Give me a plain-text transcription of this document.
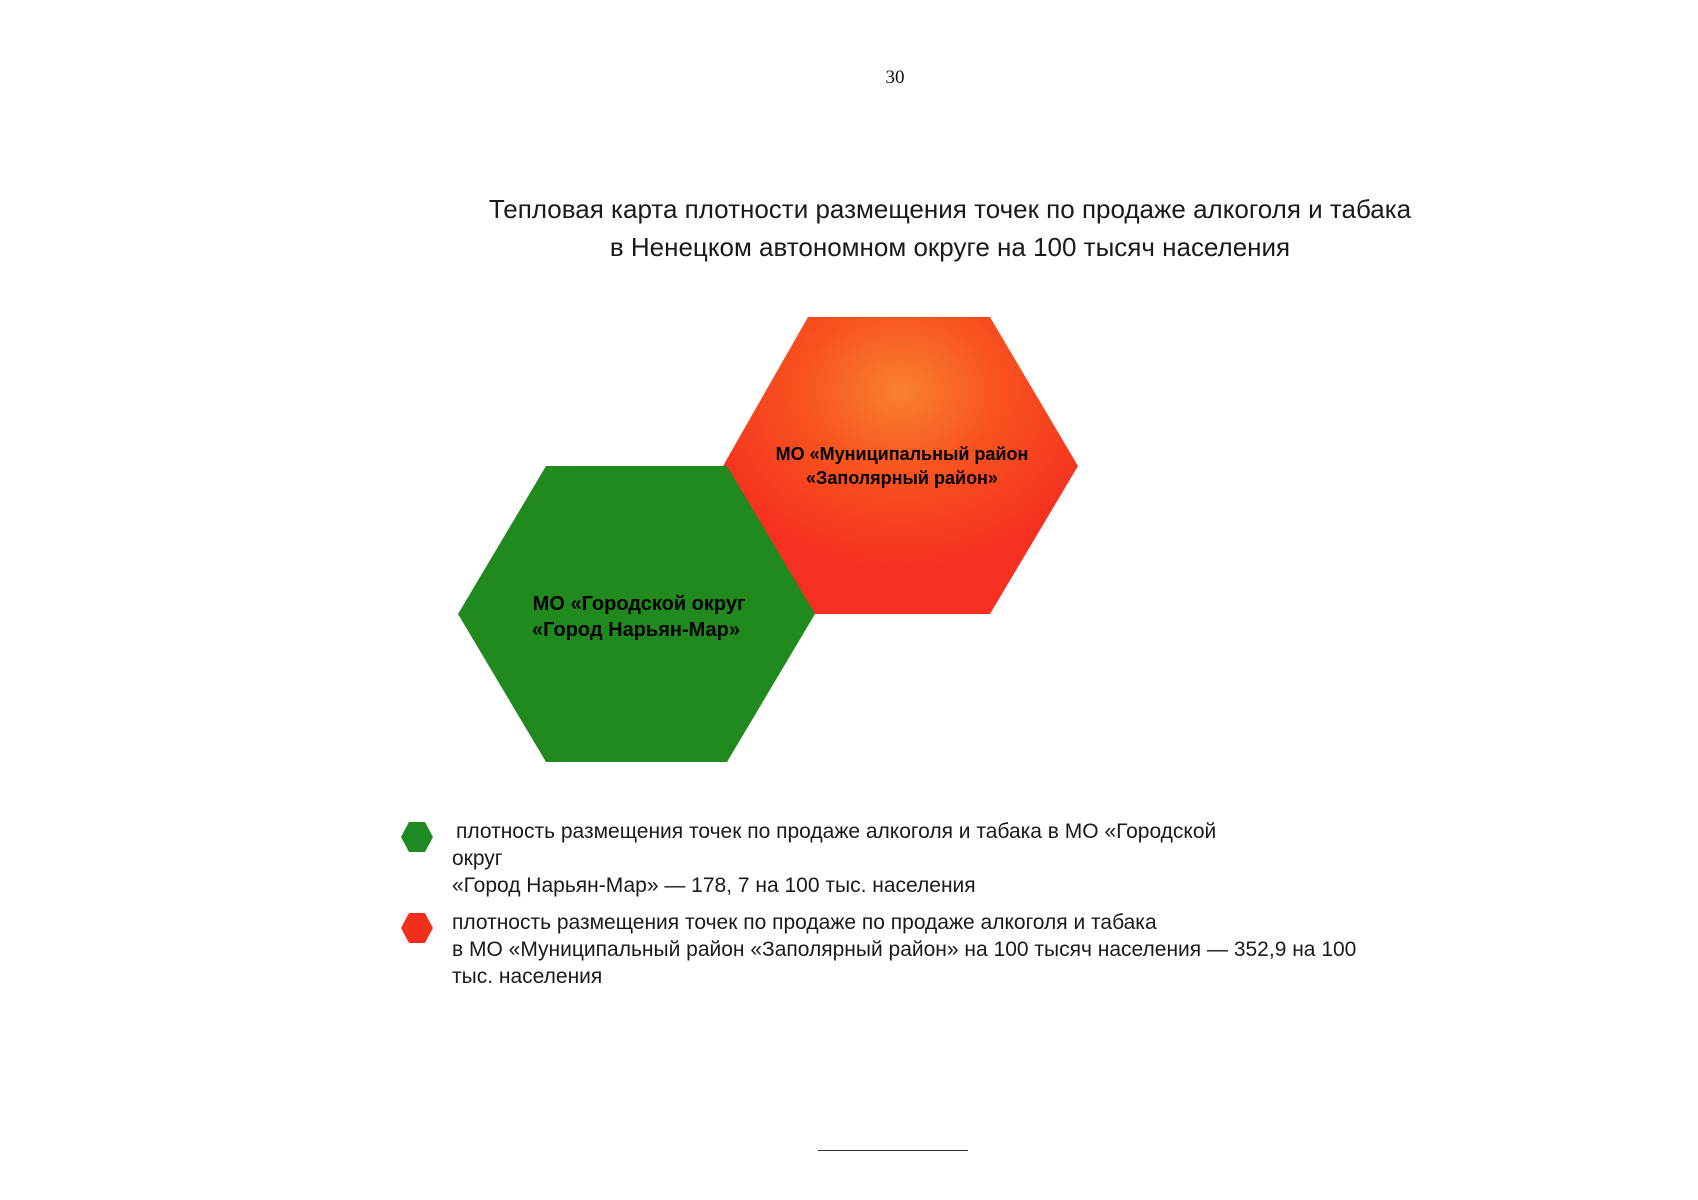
30
Тепловая карта плотности размещения точек по продаже алкоголя и табака
в Ненецком автономном округе на 100 тысяч населения
МО «Муниципальный район
«Заполярный район»
МО «Городской округ
«Город Нарьян-Мар»
плотность размещения точек по продаже алкоголя и табака в МО «Городской
округ
«Город Нарьян-Мар» — 178, 7 на 100 тыс. населения
плотность размещения точек по продаже по продаже алкоголя и табака
в МО «Муниципальный район «Заполярный район» на 100 тысяч населения — 352,9 на 100
тыс. населения
